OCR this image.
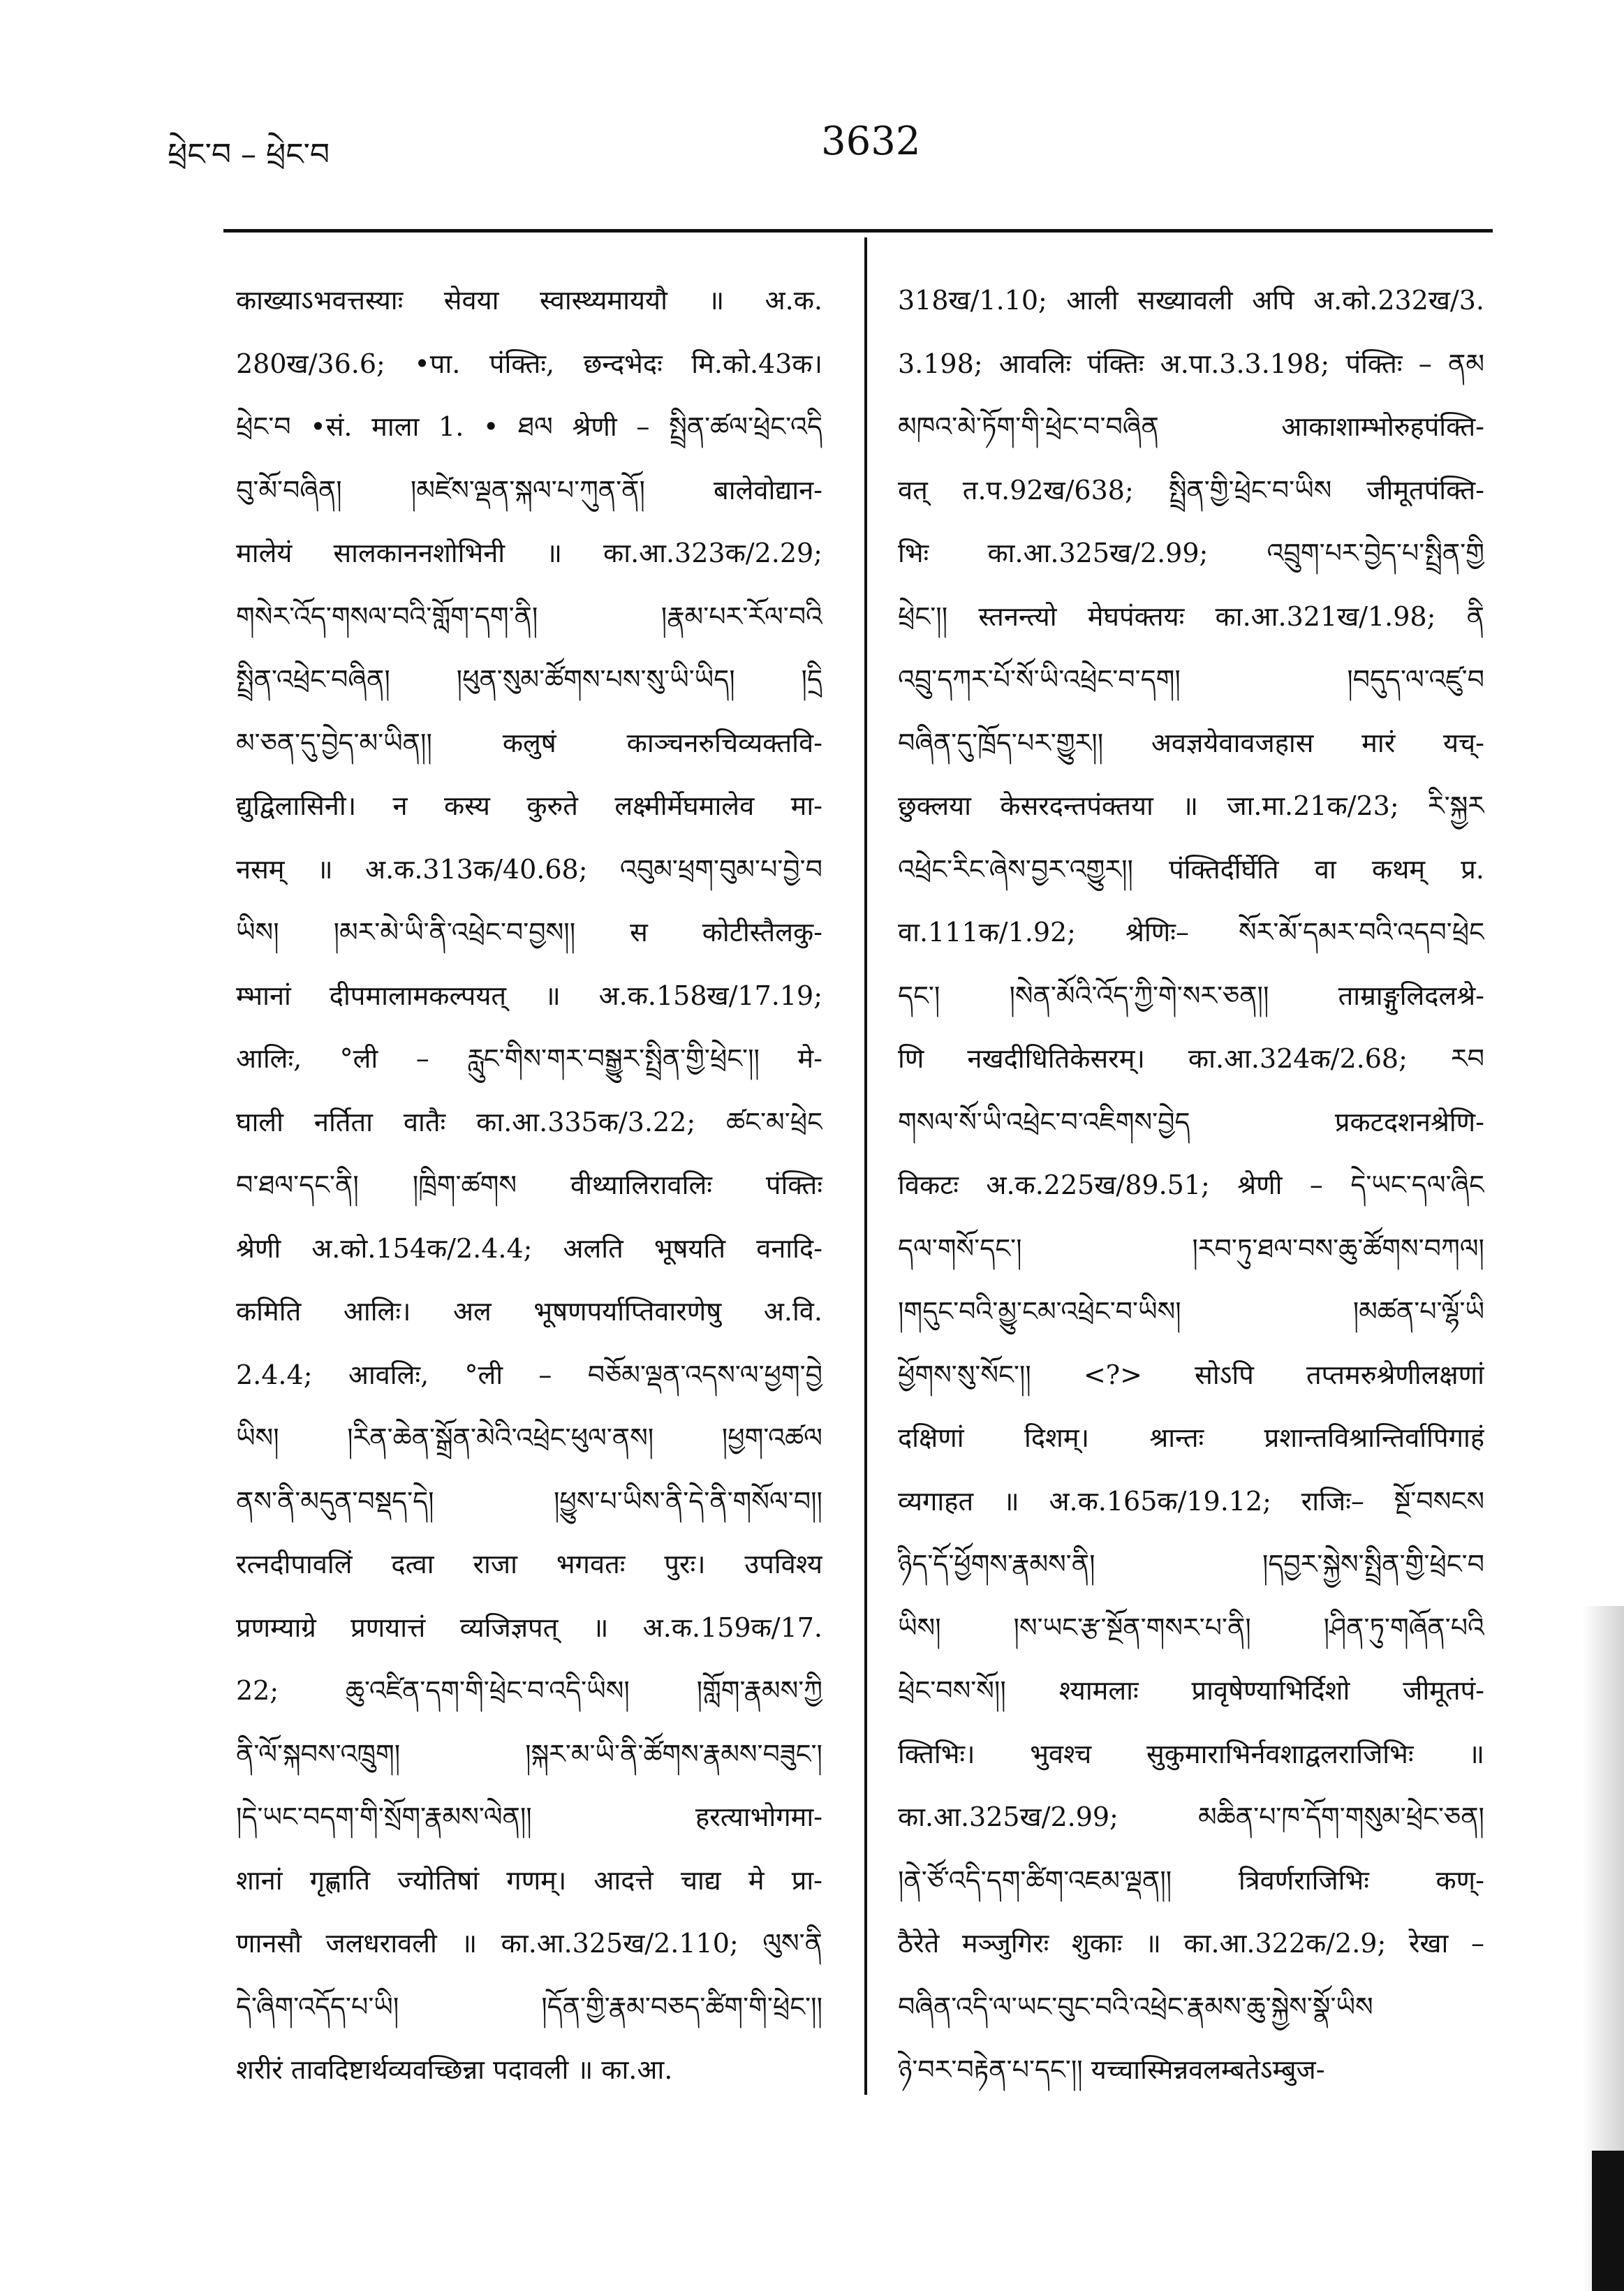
ཕྲེང་བ – ཕྲེང་བ	3632
काख्याऽभवत्तस्याः सेवया स्वास्थ्यमाययौ ॥ अ.क.
280ख/36.6; •पा. पंक्तिः, छन्दभेदः मि.को.43क।
ཕྲེང་བ •सं. माला 1. • ཐལ श्रेणी – སྤྲིན་ཚལ་ཕྲེང་འདི
བུ་མོ་བཞིན། །མཛེས་ལྡན་སྐལ་པ་ཀུན་ནོ། बालेवोद्यान-
मालेयं सालकाननशोभिनी ॥ का.आ.323क/2.29;
གསེར་འོད་གསལ་བའི་གློག་དག་ནི། །རྣམ་པར་རོལ་བའི
སྤྲིན་འཕྲེང་བཞིན། །ཕུན་སུམ་ཚོགས་པས་སུ་ཡི་ཡིད། །དྲི
མ་ཅན་དུ་བྱེད་མ་ཡིན།། कलुषं काञ्चनरुचिव्यक्तवि-
द्युद्विलासिनी। न कस्य कुरुते लक्ष्मीर्मेघमालेव मा-
नसम् ॥ अ.क.313क/40.68; འབུམ་ཕྲག་བུམ་པ་བྱེ་བ
ཡིས། །མར་མེ་ཡི་ནི་འཕྲེང་བ་བྱས།། स कोटीस्तैलकु-
म्भानां दीपमालामकल्पयत् ॥ अ.क.158ख/17.19;
आलिः, °ली – རླུང་གིས་གར་བསྒྱུར་སྤྲིན་གྱི་ཕྲེང་།། मे-
घाली नर्तिता वातैः का.आ.335क/3.22; ཚང་མ་ཕྲེང
བ་ཐལ་དང་ནི། །ཁྲིག་ཚགས वीथ्यालिरावलिः पंक्तिः
श्रेणी अ.को.154क/2.4.4; अलति भूषयति वनादि-
कमिति आलिः। अल भूषणपर्याप्तिवारणेषु अ.वि.
2.4.4; आवलिः, °ली – བཅོམ་ལྡན་འདས་ལ་ཕྱག་བྱེ
ཡིས། །རིན་ཆེན་སྒྲོན་མེའི་འཕྲེང་ཕུལ་ནས། །ཕྱག་འཚལ
ནས་ནི་མདུན་བསྡད་དེ། །ཕྱུས་པ་ཡིས་ནི་དེ་ནི་གསོལ་བ།།
रत्नदीपावलिं दत्वा राजा भगवतः पुरः। उपविश्य
प्रणम्याग्रे प्रणयात्तं व्यजिज्ञपत् ॥ अ.क.159क/17.
22; ཆུ་འཛིན་དག་གི་ཕྲེང་བ་འདི་ཡིས། །གློག་རྣམས་ཀྱི
ནི་ལོ་སྐབས་འཁྲུག། །སྐར་མ་ཡི་ནི་ཚོགས་རྣམས་བཟུང་།
།དེ་ཡང་བདག་གི་སྲོག་རྣམས་ལེན།། हरत्याभोगमा-
शानां गृह्णाति ज्योतिषां गणम्। आदत्ते चाद्य मे प्रा-
णानसौ जलधरावली ॥ का.आ.325ख/2.110; ལུས་ནི
དེ་ཞིག་འདོད་པ་ཡི། །དོན་གྱི་རྣམ་བཅད་ཚིག་གི་ཕྲེང་།།
शरीरं तावदिष्टार्थव्यवच्छिन्ना पदावली ॥ का.आ.
318ख/1.10; आली सख्यावली अपि अ.को.232ख/3.
3.198; आवलिः पंक्तिः अ.पा.3.3.198; पंक्तिः – ནམ
མཁའ་མེ་ཏོག་གི་ཕྲེང་བ་བཞིན आकाशाम्भोरुहपंक्ति-
वत् त.प.92ख/638; སྤྲིན་གྱི་ཕྲེང་བ་ཡིས जीमूतपंक्ति-
भिः का.आ.325ख/2.99; འབྲུག་པར་བྱེད་པ་སྤྲིན་གྱི
ཕྲེང་།། स्तनन्त्यो मेघपंक्तयः का.आ.321ख/1.98; ནི
འབྲུ་དཀར་པོ་སོ་ཡི་འཕྲེང་བ་དག། །བདུད་ལ་འཛུ་བ
བཞིན་དུ་ཁྲོད་པར་གྱུར།། अवज्ञयेवावजहास मारं यच्-
छुक्लया केसरदन्तपंक्तया ॥ जा.मा.21क/23; རི་སྐྱར
འཕྲེང་རིང་ཞེས་བྱར་འགྱུར།། पंक्तिर्दीर्घेति वा कथम् प्र.
वा.111क/1.92; श्रेणिः– སོར་མོ་དམར་བའི་འདབ་ཕྲེང
དང་། །སེན་མོའི་འོད་ཀྱི་གེ་སར་ཅན།། ताम्राङ्गुलिदलश्रे-
णि नखदीधितिकेसरम्। का.आ.324क/2.68; རབ
གསལ་སོ་ཡི་འཕྲེང་བ་འཇིགས་བྱེད प्रकटदशनश्रेणि-
विकटः अ.क.225ख/89.51; श्रेणी – དེ་ཡང་དལ་ཞིང
དལ་གསོ་དང་། །རབ་ཏུ་ཐལ་བས་ཆུ་ཚོགས་བཀལ།
།གདུང་བའི་མྱུ་ངམ་འཕྲེང་བ་ཡིས། །མཚན་པ་ལྷོ་ཡི
ཕྱོགས་སུ་སོང་།། <?> सोऽपि तप्तमरुश्रेणीलक्षणां
दक्षिणां दिशम्। श्रान्तः प्रशान्तविश्रान्तिर्वापिगाहं
व्यगाहत ॥ अ.क.165क/19.12; राजिः– སྔོ་བསངས
ཉིད་དོ་ཕྱོགས་རྣམས་ནི། །དབྱར་སྐྱེས་སྤྲིན་གྱི་ཕྲེང་བ
ཡིས། །ས་ཡང་རྩ་སྔོན་གསར་པ་ནི། །ཤིན་ཏུ་གཞོན་པའི
ཕྲེང་བས་སོ།། श्यामलाः प्रावृषेण्याभिर्दिशो जीमूतपं-
क्तिभिः। भुवश्च सुकुमाराभिर्नवशाद्वलराजिभिः ॥
का.आ.325ख/2.99; མཆིན་པ་ཁ་དོག་གསུམ་ཕྲེང་ཅན།
།ནེ་ཙོ་འདི་དག་ཚིག་འཇམ་ལྡན།། त्रिवर्णराजिभिः कण्-
ठैरेते मञ्जुगिरः शुकाः ॥ का.आ.322क/2.9; रेखा –
བཞིན་འདི་ལ་ཡང་བུང་བའི་འཕྲེང་རྣམས་ཆུ་སྐྱེས་སྣོ་ཡིས
ཉེ་བར་བརྟེན་པ་དང་།། यच्चास्मिन्नवलम्बतेऽम्बुज-
